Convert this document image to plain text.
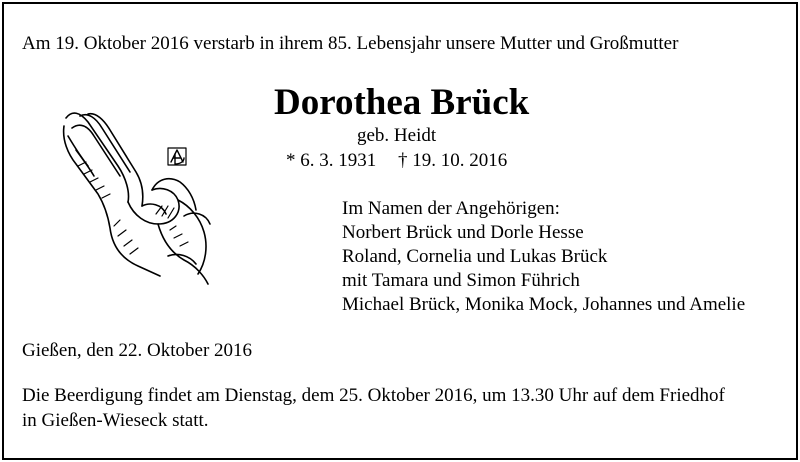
Am 19. Oktober 2016 verstarb in ihrem 85. Lebensjahr unsere Mutter und Großmutter
Dorothea Brück
geb. Heidt
* 6. 3. 1931 † 19. 10. 2016
Im Namen der Angehörigen:
Norbert Brück und Dorle Hesse
Roland, Cornelia und Lukas Brück
mit Tamara und Simon Führich
Michael Brück, Monika Mock, Johannes und Amelie
Gießen, den 22. Oktober 2016
Die Beerdigung findet am Dienstag, dem 25. Oktober 2016, um 13.30 Uhr auf dem Friedhof
in Gießen-Wieseck statt.
